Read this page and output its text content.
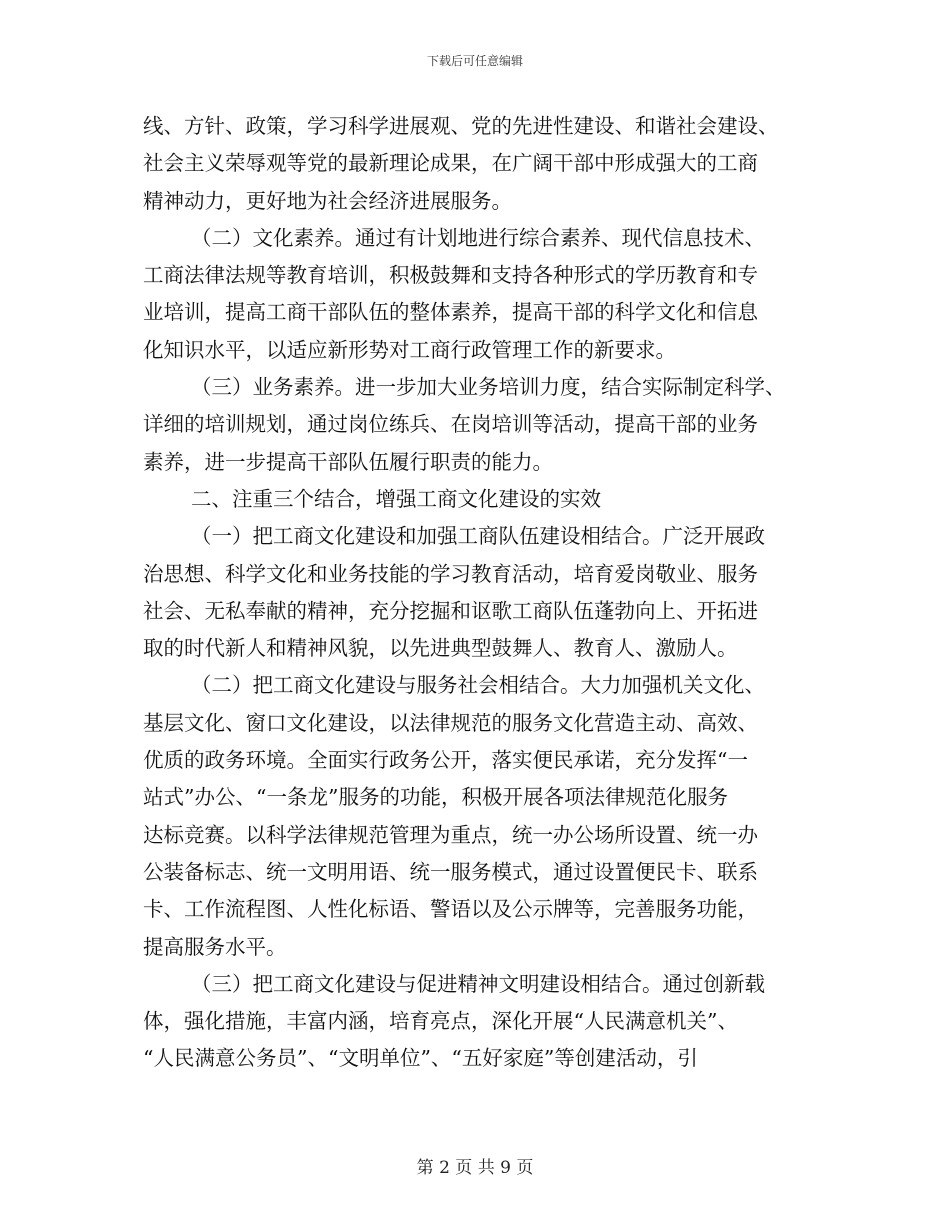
下载后可任意编辑
线、方针、政策，学习科学进展观、党的先进性建设、和谐社会建设、
社会主义荣辱观等党的最新理论成果，在广阔干部中形成强大的工商
精神动力，更好地为社会经济进展服务。
（二）文化素养。通过有计划地进行综合素养、现代信息技术、
工商法律法规等教育培训，积极鼓舞和支持各种形式的学历教育和专
业培训，提高工商干部队伍的整体素养，提高干部的科学文化和信息
化知识水平，以适应新形势对工商行政管理工作的新要求。
（三）业务素养。进一步加大业务培训力度，结合实际制定科学、
详细的培训规划，通过岗位练兵、在岗培训等活动，提高干部的业务
素养，进一步提高干部队伍履行职责的能力。
二、注重三个结合，增强工商文化建设的实效
（一）把工商文化建设和加强工商队伍建设相结合。广泛开展政
治思想、科学文化和业务技能的学习教育活动，培育爱岗敬业、服务
社会、无私奉献的精神，充分挖掘和讴歌工商队伍蓬勃向上、开拓进
取的时代新人和精神风貌，以先进典型鼓舞人、教育人、激励人。
（二）把工商文化建设与服务社会相结合。大力加强机关文化、
基层文化、窗口文化建设，以法律规范的服务文化营造主动、高效、
优质的政务环境。全面实行政务公开，落实便民承诺，充分发挥“一
站式”办公、“一条龙”服务的功能，积极开展各项法律规范化服务
达标竞赛。以科学法律规范管理为重点，统一办公场所设置、统一办
公装备标志、统一文明用语、统一服务模式，通过设置便民卡、联系
卡、工作流程图、人性化标语、警语以及公示牌等，完善服务功能，
提高服务水平。
（三）把工商文化建设与促进精神文明建设相结合。通过创新载
体，强化措施，丰富内涵，培育亮点，深化开展“人民满意机关”、
“人民满意公务员”、“文明单位”、“五好家庭”等创建活动，引
第 2 页 共 9 页
